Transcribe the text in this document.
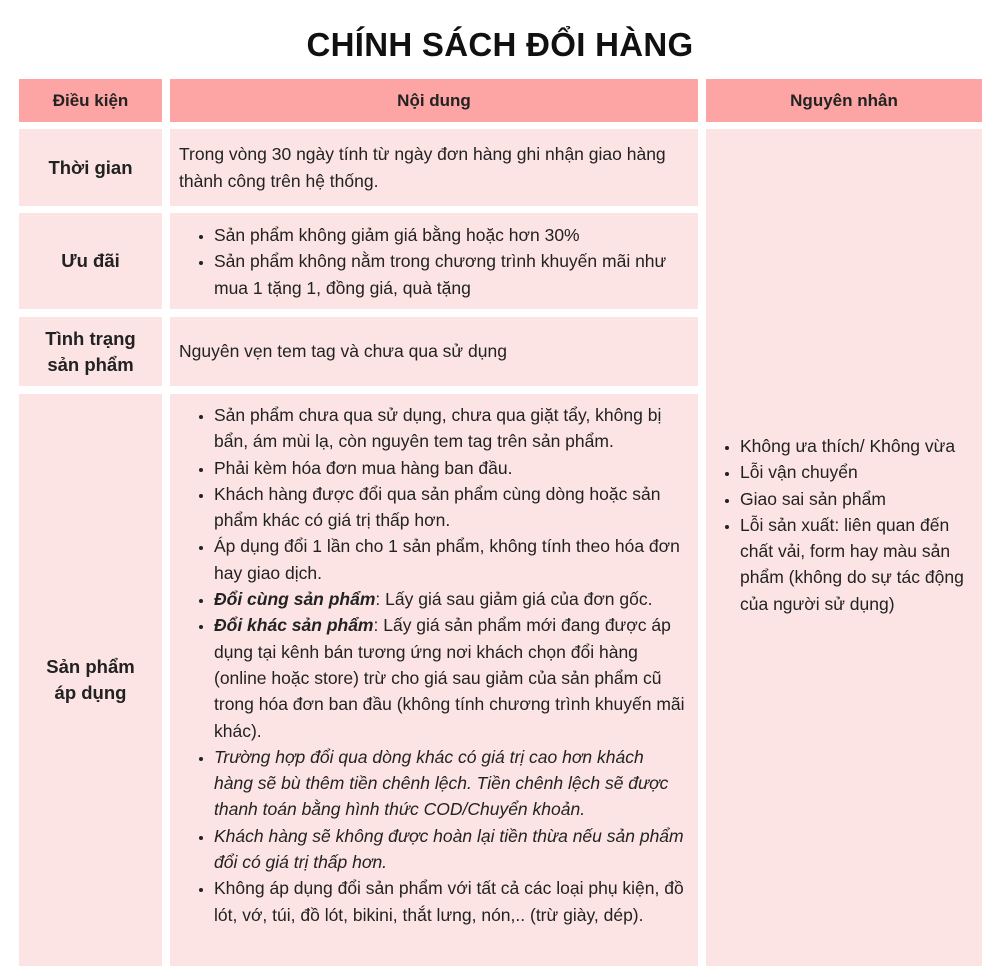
CHÍNH SÁCH ĐỔI HÀNG
Điều kiện	Nội dung	Nguyên nhân
Thời gian
Trong vòng 30 ngày tính từ ngày đơn hàng ghi nhận giao hàng thành công trên hệ thống.
Ưu đãi
• Sản phẩm không giảm giá bằng hoặc hơn 30%
• Sản phẩm không nằm trong chương trình khuyến mãi như mua 1 tặng 1, đồng giá, quà tặng
Tình trạng
sản phẩm
Nguyên vẹn tem tag và chưa qua sử dụng
Sản phẩm
áp dụng
• Sản phẩm chưa qua sử dụng, chưa qua giặt tẩy, không bị bẩn, ám mùi lạ, còn nguyên tem tag trên sản phẩm.
• Phải kèm hóa đơn mua hàng ban đầu.
• Khách hàng được đổi qua sản phẩm cùng dòng hoặc sản phẩm khác có giá trị thấp hơn.
• Áp dụng đổi 1 lần cho 1 sản phẩm, không tính theo hóa đơn hay giao dịch.
• Đổi cùng sản phẩm: Lấy giá sau giảm giá của đơn gốc.
• Đổi khác sản phẩm: Lấy giá sản phẩm mới đang được áp dụng tại kênh bán tương ứng nơi khách chọn đổi hàng (online hoặc store) trừ cho giá sau giảm của sản phẩm cũ trong hóa đơn ban đầu (không tính chương trình khuyến mãi khác).
• Trường hợp đổi qua dòng khác có giá trị cao hơn khách hàng sẽ bù thêm tiền chênh lệch. Tiền chênh lệch sẽ được thanh toán bằng hình thức COD/Chuyển khoản.
• Khách hàng sẽ không được hoàn lại tiền thừa nếu sản phẩm đổi có giá trị thấp hơn.
• Không áp dụng đổi sản phẩm với tất cả các loại phụ kiện, đồ lót, vớ, túi, đồ lót, bikini, thắt lưng, nón,.. (trừ giày, dép).
• Không ưa thích/ Không vừa
• Lỗi vận chuyển
• Giao sai sản phẩm
• Lỗi sản xuất: liên quan đến chất vải, form hay màu sản phẩm (không do sự tác động của người sử dụng)
